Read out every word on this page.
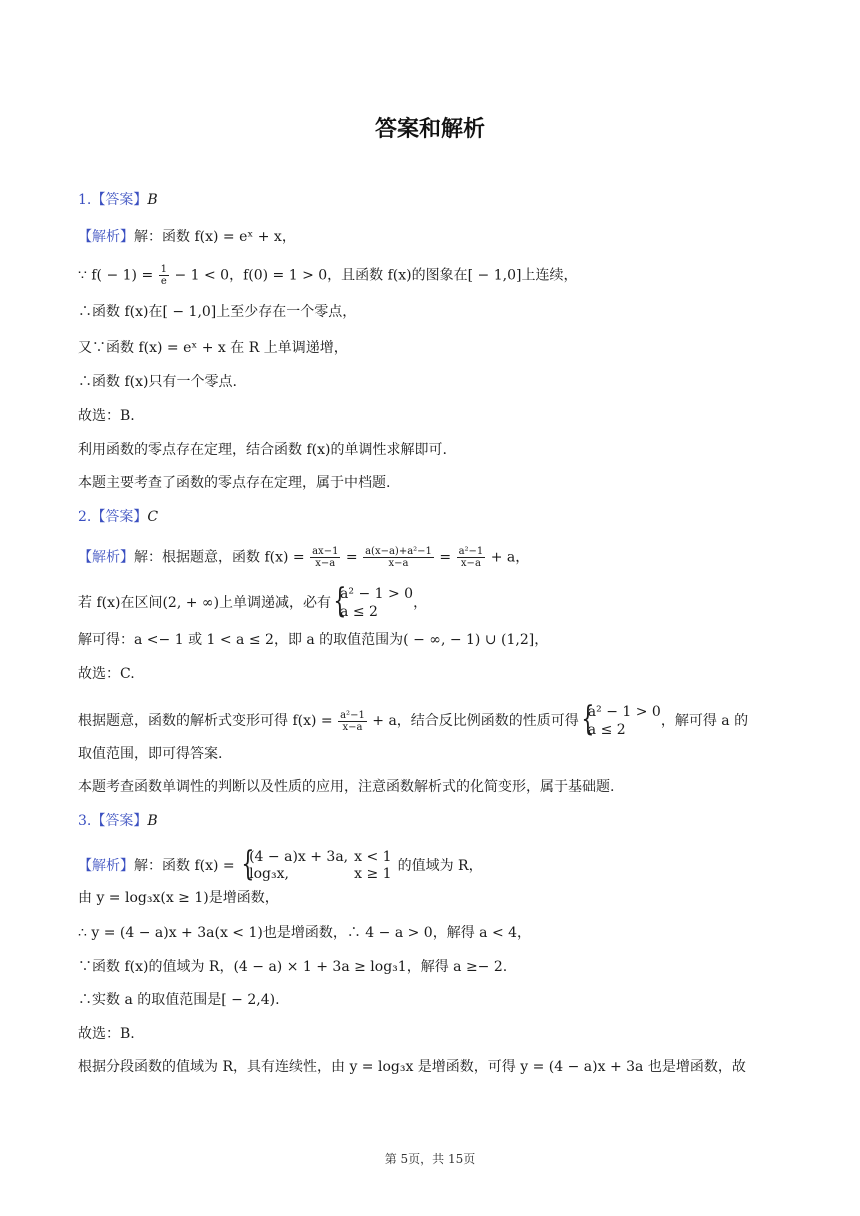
答案和解析
1.【答案】B
【解析】解：函数 f(x) = eˣ + x，
∵ $f( - 1) = \frac{1}{e} - 1 < 0$，f(0) = 1 > 0，且函数 f(x)的图象在[ − 1,0]上连续，
∴函数 f(x)在[ − 1,0]上至少存在一个零点，
又∵函数 f(x) = eˣ + x 在 R 上单调递增，
∴函数 f(x)只有一个零点.
故选：B.
利用函数的零点存在定理，结合函数 f(x)的单调性求解即可.
本题主要考查了函数的零点存在定理，属于中档题.
2.【答案】C
【解析】解：根据题意，函数 $f(x) = \frac{ax-1}{x-a} = \frac{\text{a(x−a)+a²−1}}{x-a} = \frac{\text{a²−1}}{x-a} + a$，
若 f(x)在区间(2, + ∞)上单调递减，必有
{ a² − 1 > 0
a ≤ 2
，
解可得：a <− 1 或 1 < a ≤ 2，即 a 的取值范围为( − ∞, − 1) ∪ (1,2]，
故选：C.
根据题意，函数的解析式变形可得 $f(x) = \frac{\text{a²−1}}{x-a} + a$，结合反比例函数的性质可得
{ a² − 1 > 0
a ≤ 2
，解可得 a 的
取值范围，即可得答案.
本题考查函数单调性的判断以及性质的应用，注意函数解析式的化简变形，属于基础题.
3.【答案】B
【解析】解：函数 f(x) =
{ (4 − a)x + 3a,	x < 1
log₃x,	x ≥ 1 的值域为 R，
由 y = log₃x(x ≥ 1)是增函数，
∴ y = (4 − a)x + 3a(x < 1)也是增函数，∴ 4 − a > 0，解得 a < 4，
∵函数 f(x)的值域为 R，(4 − a) × 1 + 3a ≥ log₃1，解得 a ≥− 2.
∴实数 a 的取值范围是[ − 2,4).
故选：B.
根据分段函数的值域为 R，具有连续性，由 y = log₃x 是增函数，可得 y = (4 − a)x + 3a 也是增函数，故
第 5页，共 15页
